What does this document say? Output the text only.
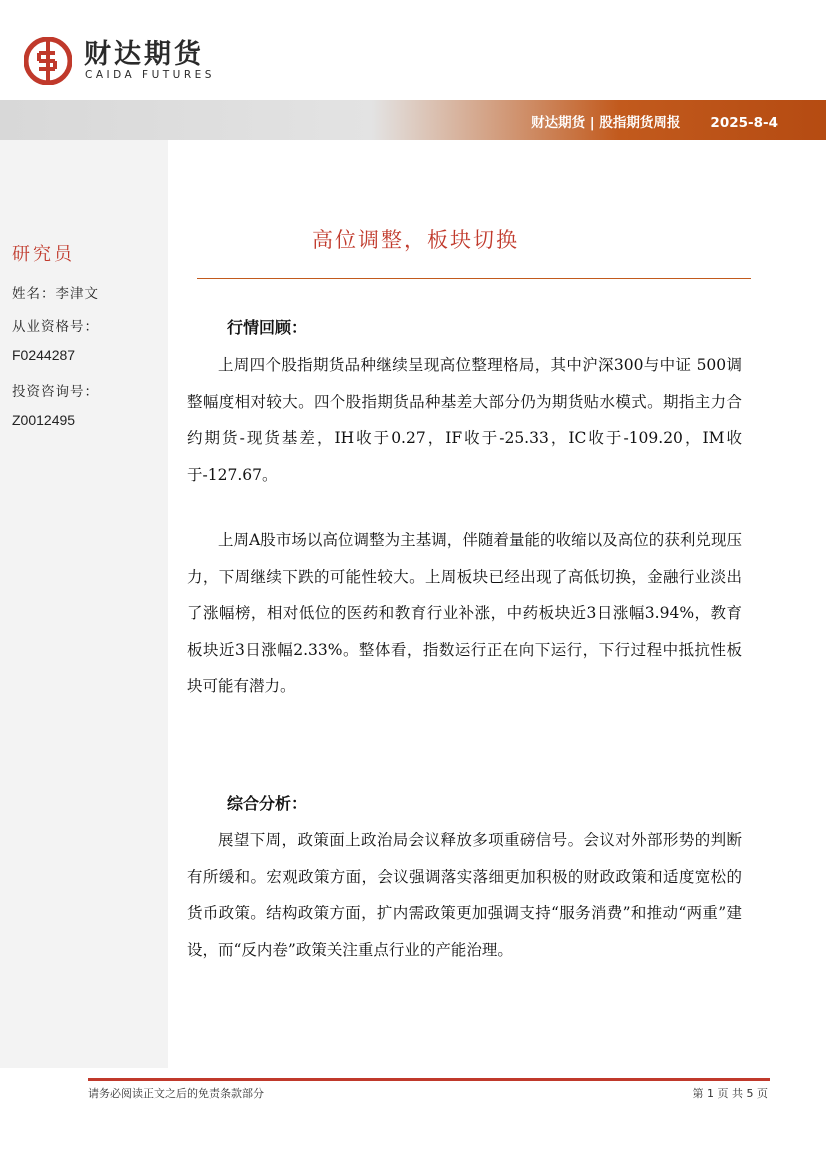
财达期货
CAIDA FUTURES
财达期货 | 股指期货周报 2025-8-4
研究员
姓名：李津文
从业资格号：
F0244287
投资咨询号：
Z0012495
高位调整，板块切换
行情回顾：

上周四个股指期货品种继续呈现高位整理格局，其中沪深300与中证 500调整幅度相对较大。四个股指期货品种基差大部分仍为期货贴水模式。期指主力合约期货-现货基差，IH收于0.27，IF收于-25.33，IC收于-109.20，IM收于-127.67。

上周A股市场以高位调整为主基调，伴随着量能的收缩以及高位的获利兑现压力，下周继续下跌的可能性较大。上周板块已经出现了高低切换，金融行业淡出了涨幅榜，相对低位的医药和教育行业补涨，中药板块近3日涨幅3.94%，教育板块近3日涨幅2.33%。整体看，指数运行正在向下运行，下行过程中抵抗性板块可能有潜力。

综合分析：

展望下周，政策面上政治局会议释放多项重磅信号。会议对外部形势的判断有所缓和。宏观政策方面，会议强调落实落细更加积极的财政政策和适度宽松的货币政策。结构政策方面，扩内需政策更加强调支持“服务消费”和推动“两重”建设，而“反内卷”政策关注重点行业的产能治理。

请务必阅读正文之后的免责条款部分	第 1 页 共 5 页
